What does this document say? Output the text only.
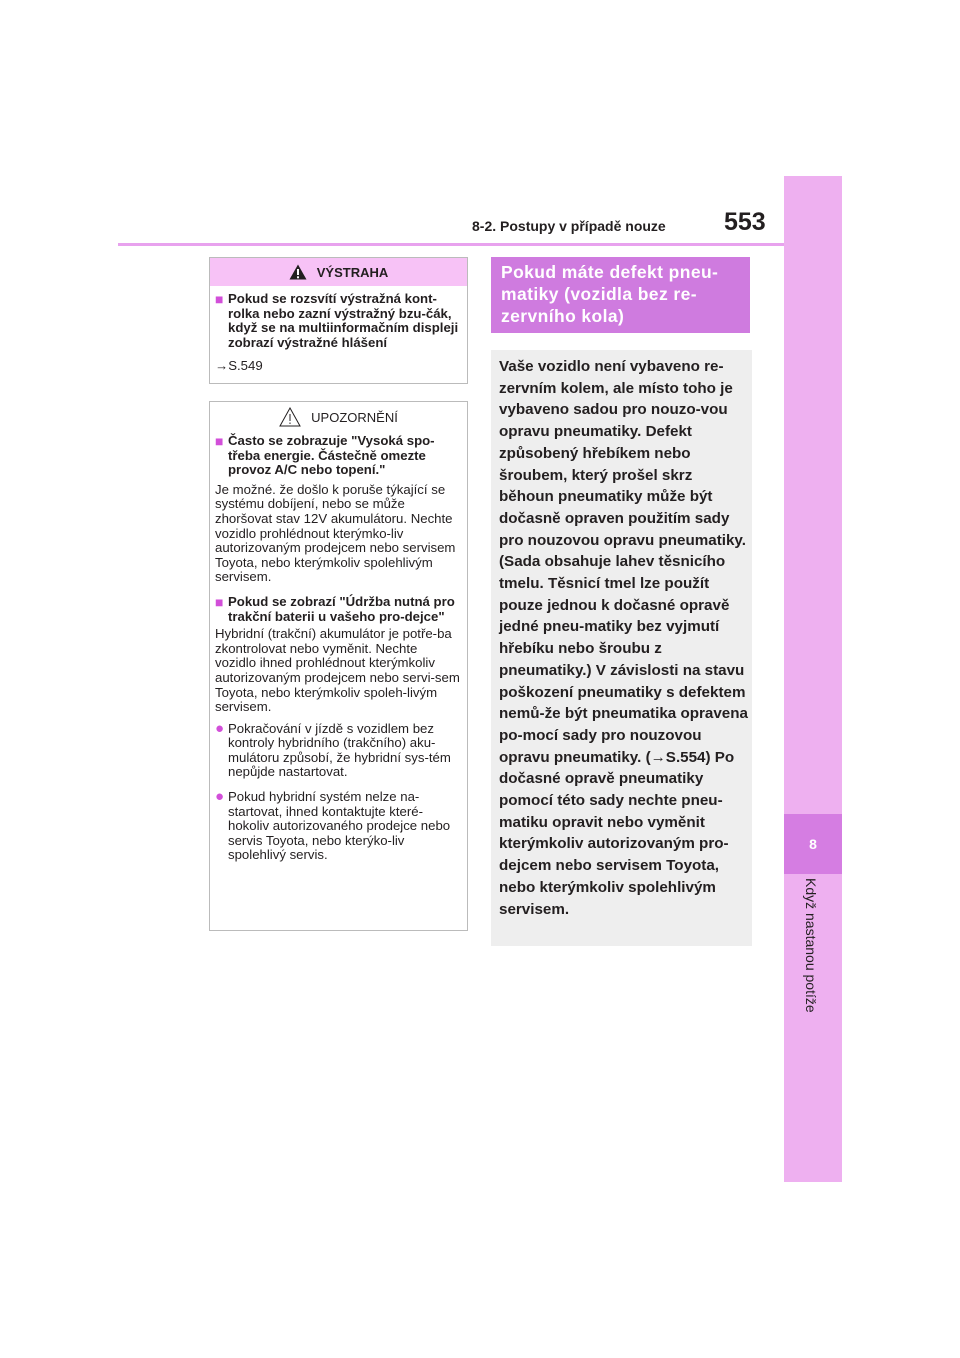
8
Když nastanou potíže
8-2. Postupy v případě nouze 553
VÝSTRAHA
■ Pokud se rozsvítí výstražná kont-rolka nebo zazní výstražný bzu-čák, když se na multiinformačním displeji zobrazí výstražné hlášení
→S.549
UPOZORNĚNÍ
■ Často se zobrazuje "Vysoká spo-třeba energie. Částečně omezte provoz A/C nebo topení."
Je možné. že došlo k poruše týkající se systému dobíjení, nebo se může zhoršovat stav 12V akumulátoru. Nechte vozidlo prohlédnout kterýmko-liv autorizovaným prodejcem nebo servisem Toyota, nebo kterýmkoliv spolehlivým servisem.
■ Pokud se zobrazí "Údržba nutná pro trakční baterii u vašeho pro-dejce"
Hybridní (trakční) akumulátor je potře-ba zkontrolovat nebo vyměnit. Nechte vozidlo ihned prohlédnout kterýmkoliv autorizovaným prodejcem nebo servi-sem Toyota, nebo kterýmkoliv spoleh-livým servisem.
● Pokračování v jízdě s vozidlem bez kontroly hybridního (trakčního) aku-mulátoru způsobí, že hybridní sys-tém nepůjde nastartovat.
● Pokud hybridní systém nelze na-startovat, ihned kontaktujte které-hokoliv autorizovaného prodejce nebo servis Toyota, nebo kterýko-liv spolehlivý servis.
Pokud máte defekt pneu-matiky (vozidla bez re-zervního kola)
Vaše vozidlo není vybaveno re-zervním kolem, ale místo toho je vybaveno sadou pro nouzo-vou opravu pneumatiky. Defekt způsobený hřebíkem nebo šroubem, který prošel skrz běhoun pneumatiky může být dočasně opraven použitím sady pro nouzovou opravu pneumatiky. (Sada obsahuje lahev těsnicího tmelu. Těsnicí tmel lze použít pouze jednou k dočasné opravě jedné pneu-matiky bez vyjmutí hřebíku nebo šroubu z pneumatiky.) V závislosti na stavu poškození pneumatiky s defektem nemů-že být pneumatika opravena po-mocí sady pro nouzovou opravu pneumatiky. (→S.554) Po dočasné opravě pneumatiky pomocí této sady nechte pneu-matiku opravit nebo vyměnit kterýmkoliv autorizovaným pro-dejcem nebo servisem Toyota, nebo kterýmkoliv spolehlivým servisem.
